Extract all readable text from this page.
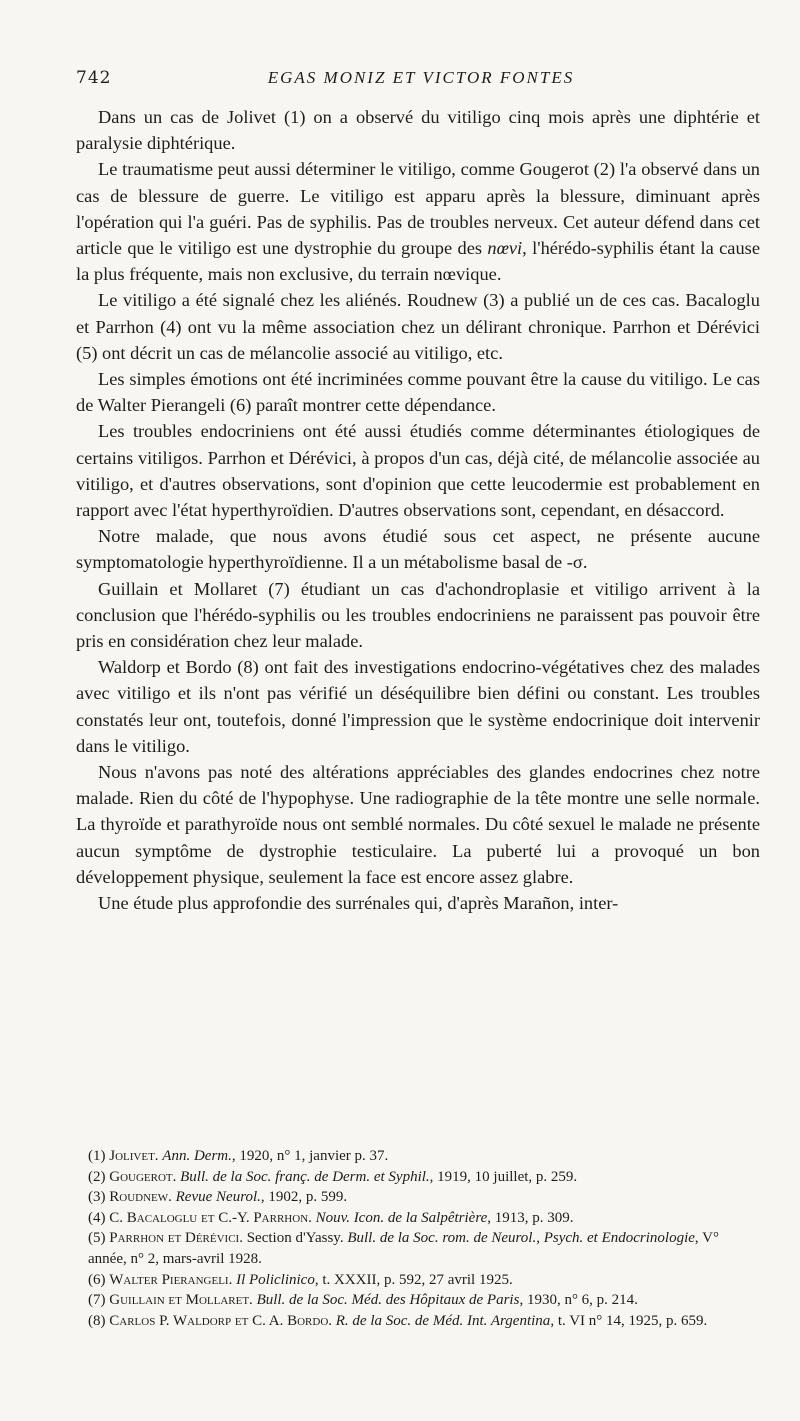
742	EGAS MONIZ ET VICTOR FONTES

Dans un cas de Jolivet (1) on a observé du vitiligo cinq mois après une diphtérie et paralysie diphtérique.

Le traumatisme peut aussi déterminer le vitiligo, comme Gougerot (2) l'a observé dans un cas de blessure de guerre. Le vitiligo est apparu après la blessure, diminuant après l'opération qui l'a guéri. Pas de syphilis. Pas de troubles nerveux. Cet auteur défend dans cet article que le vitiligo est une dystrophie du groupe des nœvi, l'hérédo-syphilis étant la cause la plus fréquente, mais non exclusive, du terrain nœvique.

Le vitiligo a été signalé chez les aliénés. Roudnew (3) a publié un de ces cas. Bacaloglu et Parrhon (4) ont vu la même association chez un délirant chronique. Parrhon et Dérévici (5) ont décrit un cas de mélancolie associé au vitiligo, etc.

Les simples émotions ont été incriminées comme pouvant être la cause du vitiligo. Le cas de Walter Pierangeli (6) paraît montrer cette dépendance.

Les troubles endocriniens ont été aussi étudiés comme déterminantes étiologiques de certains vitiligos. Parrhon et Dérévici, à propos d'un cas, déjà cité, de mélancolie associée au vitiligo, et d'autres observations, sont d'opinion que cette leucodermie est probablement en rapport avec l'état hyperthyroïdien. D'autres observations sont, cependant, en désaccord.

Notre malade, que nous avons étudié sous cet aspect, ne présente aucune symptomatologie hyperthyroïdienne. Il a un métabolisme basal de -σ.

Guillain et Mollaret (7) étudiant un cas d'achondroplasie et vitiligo arrivent à la conclusion que l'hérédo-syphilis ou les troubles endocriniens ne paraissent pas pouvoir être pris en considération chez leur malade.

Waldorp et Bordo (8) ont fait des investigations endocrino-végétatives chez des malades avec vitiligo et ils n'ont pas vérifié un déséquilibre bien défini ou constant. Les troubles constatés leur ont, toutefois, donné l'impression que le système endocrinique doit intervenir dans le vitiligo.

Nous n'avons pas noté des altérations appréciables des glandes endocrines chez notre malade. Rien du côté de l'hypophyse. Une radiographie de la tête montre une selle normale. La thyroïde et parathyroïde nous ont semblé normales. Du côté sexuel le malade ne présente aucun symptôme de dystrophie testiculaire. La puberté lui a provoqué un bon développement physique, seulement la face est encore assez glabre.

Une étude plus approfondie des surrénales qui, d'après Marañon, inter-

(1) Jolivet. Ann. Derm., 1920, n° 1, janvier p. 37.

(2) Gougerot. Bull. de la Soc. franç. de Derm. et Syphil., 1919, 10 juillet, p. 259.

(3) Roudnew. Revue Neurol., 1902, p. 599.

(4) C. Bacaloglu et C.-Y. Parrhon. Nouv. Icon. de la Salpêtrière, 1913, p. 309.

(5) Parrhon et Dérévici. Section d'Yassy. Bull. de la Soc. rom. de Neurol., Psych. et Endocrinologie, V° année, n° 2, mars-avril 1928.

(6) Walter Pierangeli. Il Policlinico, t. XXXII, p. 592, 27 avril 1925.

(7) Guillain et Mollaret. Bull. de la Soc. Méd. des Hôpitaux de Paris, 1930, n° 6, p. 214.

(8) Carlos P. Waldorp et C. A. Bordo. R. de la Soc. de Méd. Int. Argentina, t. VI n° 14, 1925, p. 659.
